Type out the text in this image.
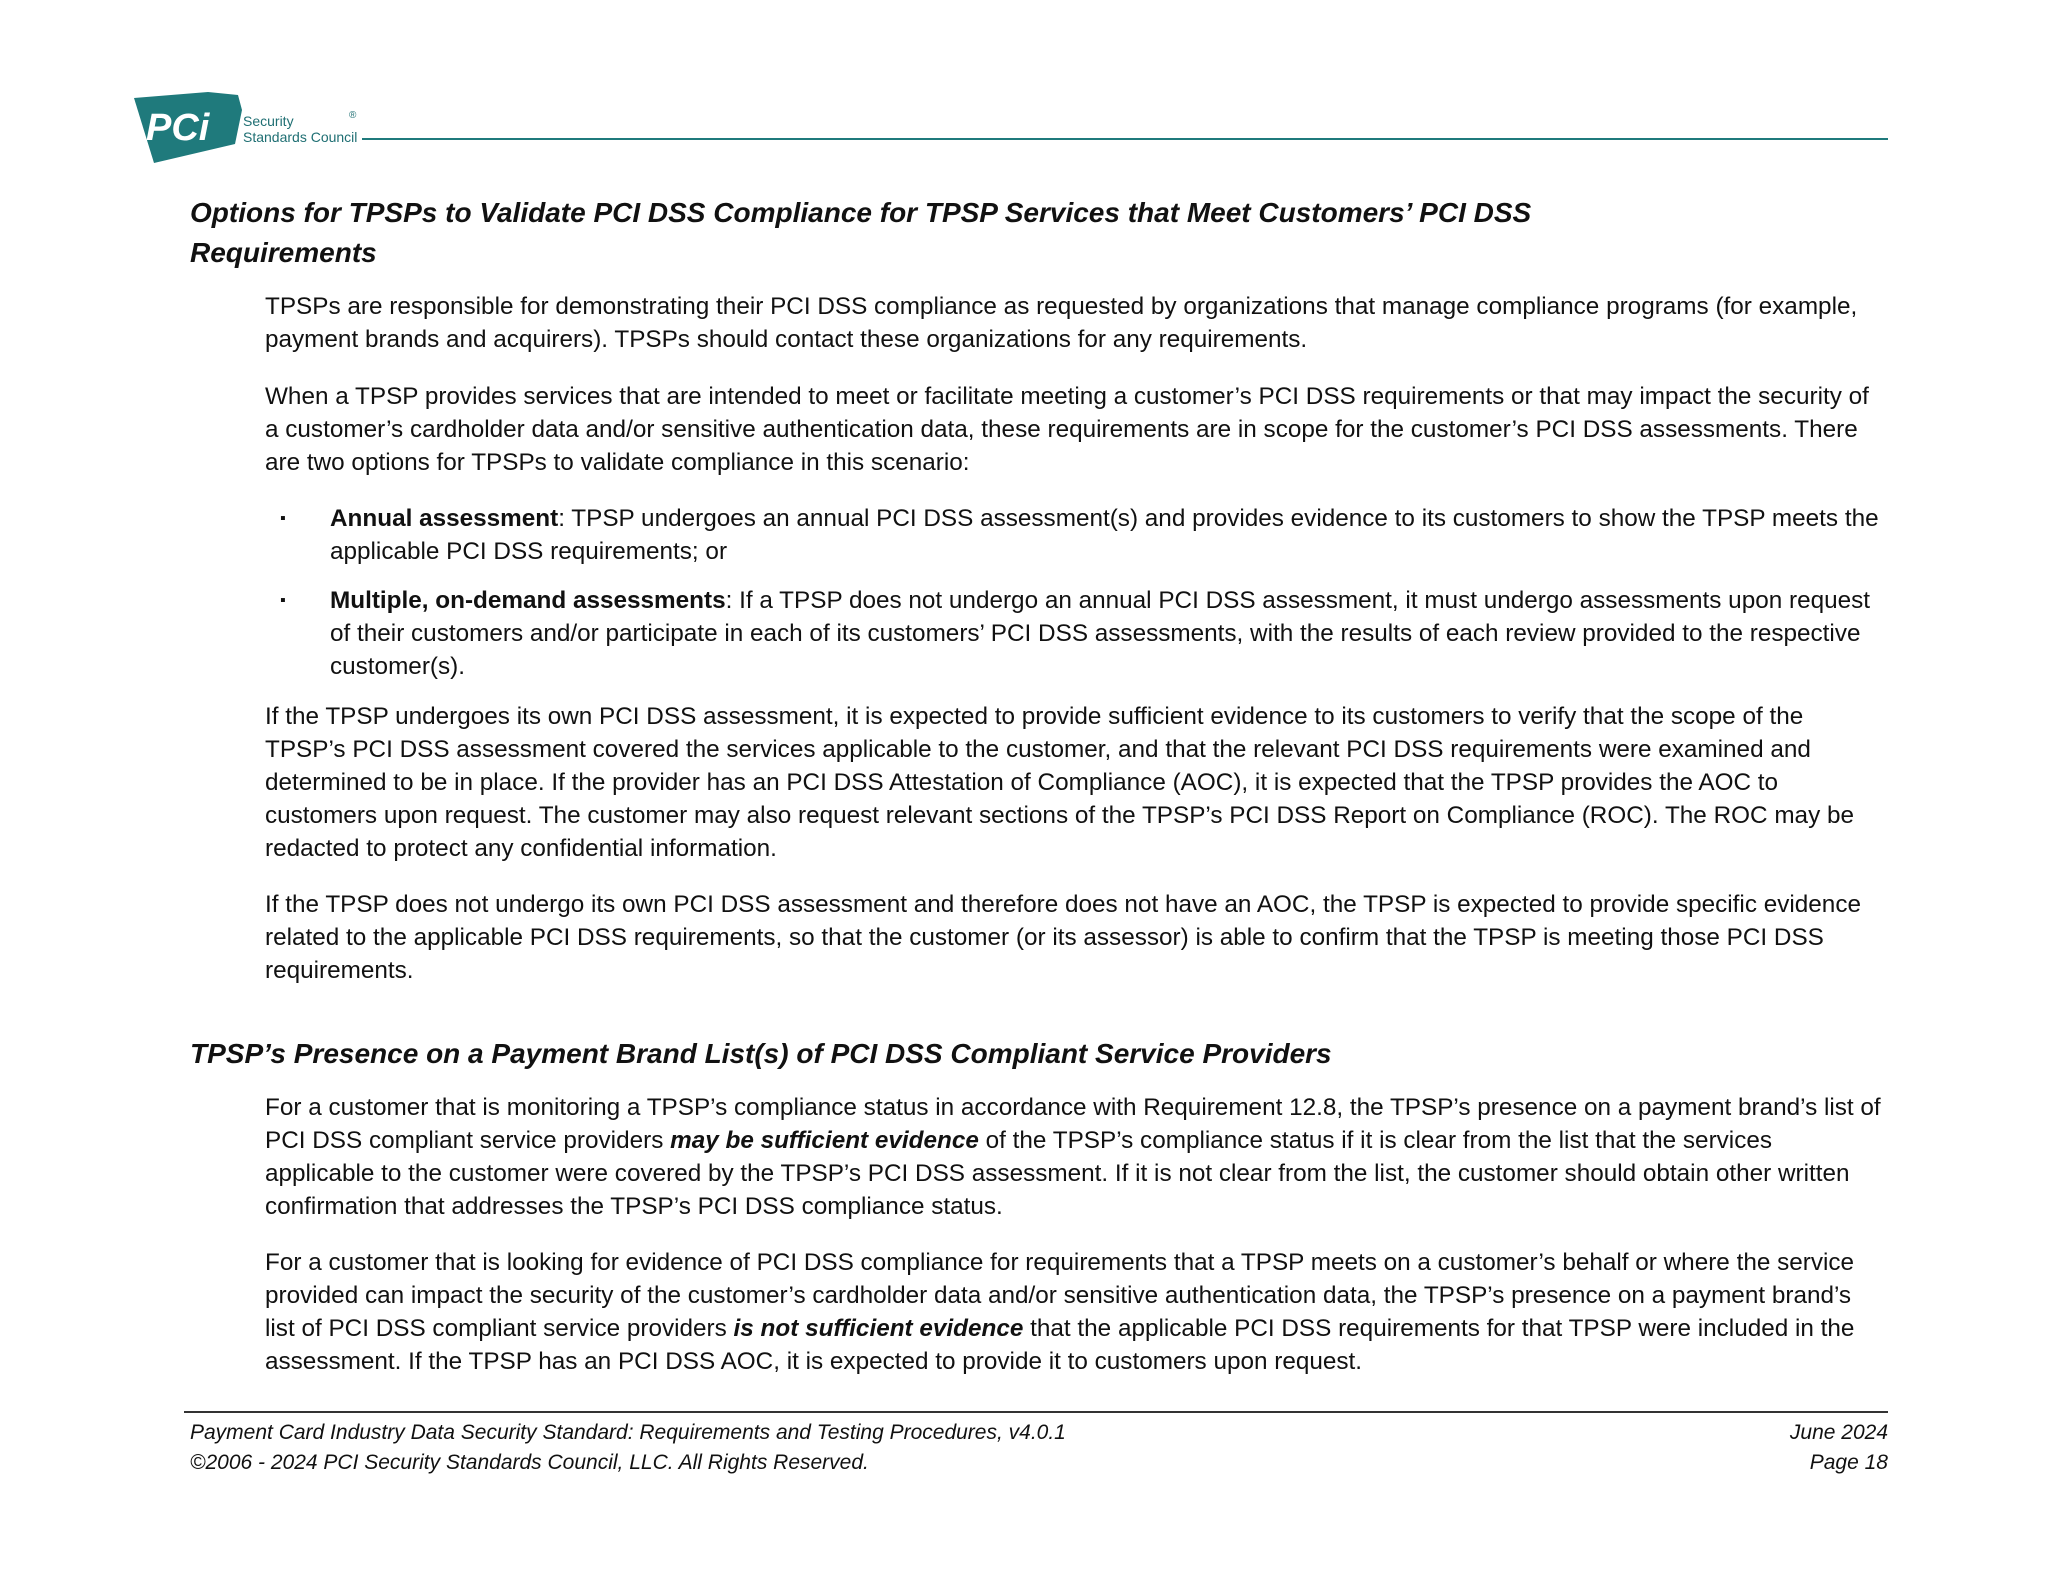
PCi	®
Security
Standards Council
Options for TPSPs to Validate PCI DSS Compliance for TPSP Services that Meet Customers’ PCI DSS
Requirements

TPSPs are responsible for demonstrating their PCI DSS compliance as requested by organizations that manage compliance programs (for example, payment brands and acquirers). TPSPs should contact these organizations for any requirements.

When a TPSP provides services that are intended to meet or facilitate meeting a customer’s PCI DSS requirements or that may impact the security of a customer’s cardholder data and/or sensitive authentication data, these requirements are in scope for the customer’s PCI DSS assessments. There are two options for TPSPs to validate compliance in this scenario:

▪ Annual assessment: TPSP undergoes an annual PCI DSS assessment(s) and provides evidence to its customers to show the TPSP meets the applicable PCI DSS requirements; or

▪ Multiple, on-demand assessments: If a TPSP does not undergo an annual PCI DSS assessment, it must undergo assessments upon request of their customers and/or participate in each of its customers’ PCI DSS assessments, with the results of each review provided to the respective customer(s).

If the TPSP undergoes its own PCI DSS assessment, it is expected to provide sufficient evidence to its customers to verify that the scope of the TPSP’s PCI DSS assessment covered the services applicable to the customer, and that the relevant PCI DSS requirements were examined and determined to be in place. If the provider has an PCI DSS Attestation of Compliance (AOC), it is expected that the TPSP provides the AOC to customers upon request. The customer may also request relevant sections of the TPSP’s PCI DSS Report on Compliance (ROC). The ROC may be redacted to protect any confidential information.

If the TPSP does not undergo its own PCI DSS assessment and therefore does not have an AOC, the TPSP is expected to provide specific evidence related to the applicable PCI DSS requirements, so that the customer (or its assessor) is able to confirm that the TPSP is meeting those PCI DSS requirements.

TPSP’s Presence on a Payment Brand List(s) of PCI DSS Compliant Service Providers

For a customer that is monitoring a TPSP’s compliance status in accordance with Requirement 12.8, the TPSP’s presence on a payment brand’s list of PCI DSS compliant service providers may be sufficient evidence of the TPSP’s compliance status if it is clear from the list that the services applicable to the customer were covered by the TPSP’s PCI DSS assessment. If it is not clear from the list, the customer should obtain other written confirmation that addresses the TPSP’s PCI DSS compliance status.

For a customer that is looking for evidence of PCI DSS compliance for requirements that a TPSP meets on a customer’s behalf or where the service provided can impact the security of the customer’s cardholder data and/or sensitive authentication data, the TPSP’s presence on a payment brand’s list of PCI DSS compliant service providers is not sufficient evidence that the applicable PCI DSS requirements for that TPSP were included in the assessment. If the TPSP has an PCI DSS AOC, it is expected to provide it to customers upon request.

Payment Card Industry Data Security Standard: Requirements and Testing Procedures, v4.0.1
©2006 - 2024 PCI Security Standards Council, LLC. All Rights Reserved.
June 2024
Page 18
